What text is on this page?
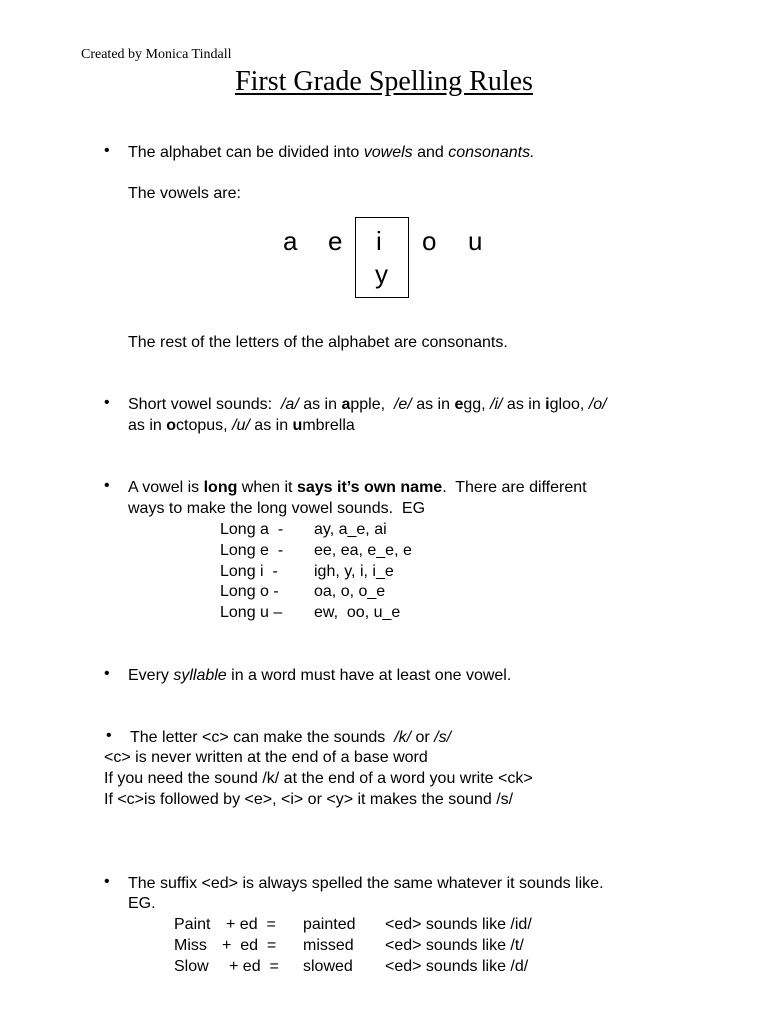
Created by Monica Tindall
First Grade Spelling Rules
• The alphabet can be divided into vowels and consonants.
The vowels are:
a e i o u
y
The rest of the letters of the alphabet are consonants.
• Short vowel sounds:  /a/ as in apple,  /e/ as in egg, /i/ as in igloo, /o/
as in octopus, /u/ as in umbrella
• A vowel is long when it says it’s own name.  There are different
ways to make the long vowel sounds.  EG
Long a  - ay, a_e, ai
Long e  - ee, ea, e_e, e
Long i  - igh, y, i, i_e
Long o - oa, o, o_e
Long u – ew,  oo, u_e
• Every syllable in a word must have at least one vowel.
• The letter <c> can make the sounds  /k/ or /s/
<c> is never written at the end of a base word
If you need the sound /k/ at the end of a word you write <ck>
If <c>is followed by <e>, <i> or <y> it makes the sound /s/
• The suffix <ed> is always spelled the same whatever it sounds like.
EG.
Paint + ed  = painted <ed> sounds like /id/
Miss +  ed  = missed <ed> sounds like /t/
Slow + ed  = slowed <ed> sounds like /d/
